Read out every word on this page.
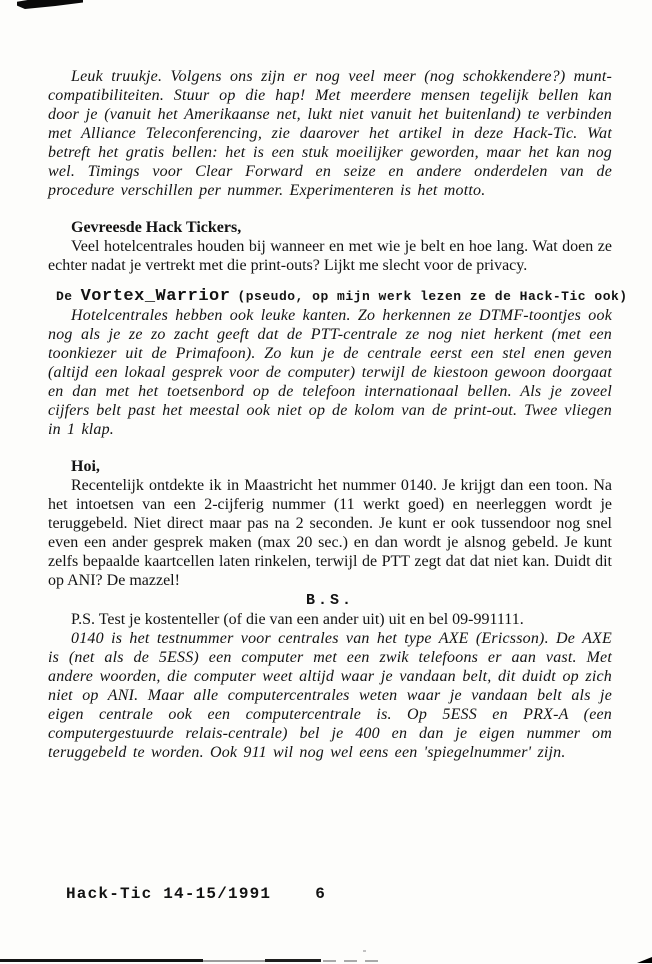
Leuk truukje. Volgens ons zijn er nog veel meer (nog schokkendere?) munt-compatibiliteiten. Stuur op die hap! Met meerdere mensen tegelijk bellen kan door je (vanuit het Amerikaanse net, lukt niet vanuit het buitenland) te verbinden met Alliance Teleconferencing, zie daarover het artikel in deze Hack-Tic. Wat betreft het gratis bellen: het is een stuk moeilijker geworden, maar het kan nog wel. Timings voor Clear Forward en seize en andere onderdelen van de procedure verschillen per nummer. Experimenteren is het motto.

Gevreesde Hack Tickers,

Veel hotelcentrales houden bij wanneer en met wie je belt en hoe lang. Wat doen ze echter nadat je vertrekt met die print-outs? Lijkt me slecht voor de privacy.

De Vortex_Warrior (pseudo, op mijn werk lezen ze de Hack-Tic ook)

Hotelcentrales hebben ook leuke kanten. Zo herkennen ze DTMF-toontjes ook nog als je ze zo zacht geeft dat de PTT-centrale ze nog niet herkent (met een toonkiezer uit de Primafoon). Zo kun je de centrale eerst een stel enen geven (altijd een lokaal gesprek voor de computer) terwijl de kiestoon gewoon doorgaat en dan met het toetsenbord op de telefoon internationaal bellen. Als je zoveel cijfers belt past het meestal ook niet op de kolom van de print-out. Twee vliegen in 1 klap.

Hoi,

Recentelijk ontdekte ik in Maastricht het nummer 0140. Je krijgt dan een toon. Na het intoetsen van een 2-cijferig nummer (11 werkt goed) en neerleggen wordt je teruggebeld. Niet direct maar pas na 2 seconden. Je kunt er ook tussendoor nog snel even een ander gesprek maken (max 20 sec.) en dan wordt je alsnog gebeld. Je kunt zelfs bepaalde kaartcellen laten rinkelen, terwijl de PTT zegt dat dat niet kan. Duidt dit op ANI? De mazzel!

B.S.

P.S. Test je kostenteller (of die van een ander uit) uit en bel 09-991111.

0140 is het testnummer voor centrales van het type AXE (Ericsson). De AXE is (net als de 5ESS) een computer met een zwik telefoons er aan vast. Met andere woorden, die computer weet altijd waar je vandaan belt, dit duidt op zich niet op ANI. Maar alle computercentrales weten waar je vandaan belt als je eigen centrale ook een computercentrale is. Op 5ESS en PRX-A (een computergestuurde relais-centrale) bel je 400 en dan je eigen nummer om teruggebeld te worden. Ook 911 wil nog wel eens een 'spiegelnummer' zijn.

Hack-Tic 14-15/1991	6
